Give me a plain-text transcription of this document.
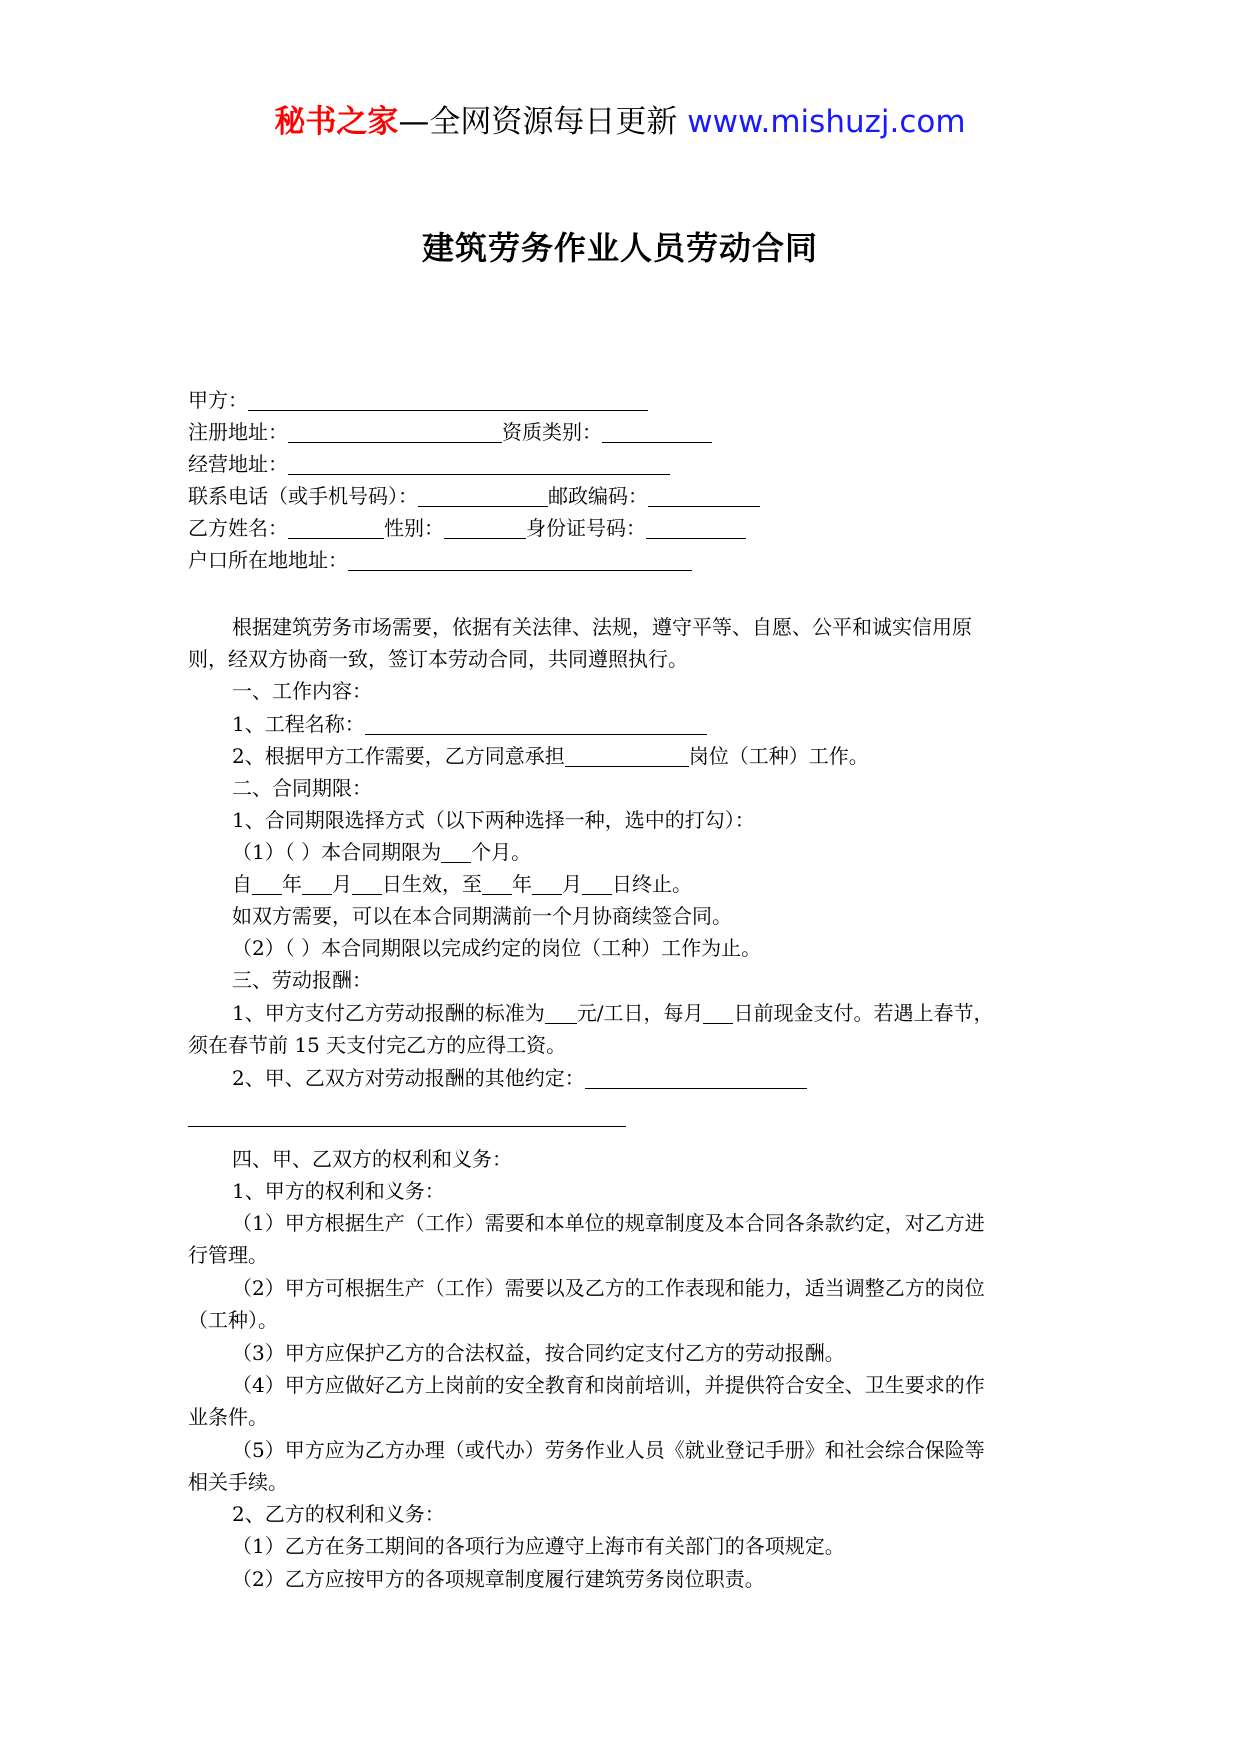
秘书之家—全网资源每日更新 www.mishuzj.com
建筑劳务作业人员劳动合同
甲方：
注册地址：	资质类别：
经营地址：
联系电话（或手机号码）：	邮政编码：
乙方姓名：	性别：	身份证号码：
户口所在地地址：
根据建筑劳务市场需要，依据有关法律、法规，遵守平等、自愿、公平和诚实信用原
则，经双方协商一致，签订本劳动合同，共同遵照执行。
一、工作内容：
1、工程名称：
2、根据甲方工作需要，乙方同意承担	岗位（工种）工作。
二、合同期限：
1、合同期限选择方式（以下两种选择一种，选中的打勾）：
（1）（ ）本合同期限为 个月。
自 年 月 日生效，至 年 月 日终止。
如双方需要，可以在本合同期满前一个月协商续签合同。
（2）（ ）本合同期限以完成约定的岗位（工种）工作为止。
三、劳动报酬：
1、甲方支付乙方劳动报酬的标准为 元/工日，每月 日前现金支付。若遇上春节，
须在春节前 15 天支付完乙方的应得工资。
2、甲、乙双方对劳动报酬的其他约定：
四、甲、乙双方的权利和义务：
1、甲方的权利和义务：
（1）甲方根据生产（工作）需要和本单位的规章制度及本合同各条款约定，对乙方进
行管理。
（2）甲方可根据生产（工作）需要以及乙方的工作表现和能力，适当调整乙方的岗位
（工种）。
（3）甲方应保护乙方的合法权益，按合同约定支付乙方的劳动报酬。
（4）甲方应做好乙方上岗前的安全教育和岗前培训，并提供符合安全、卫生要求的作
业条件。
（5）甲方应为乙方办理（或代办）劳务作业人员《就业登记手册》和社会综合保险等
相关手续。
2、乙方的权利和义务：
（1）乙方在务工期间的各项行为应遵守上海市有关部门的各项规定。
（2）乙方应按甲方的各项规章制度履行建筑劳务岗位职责。
